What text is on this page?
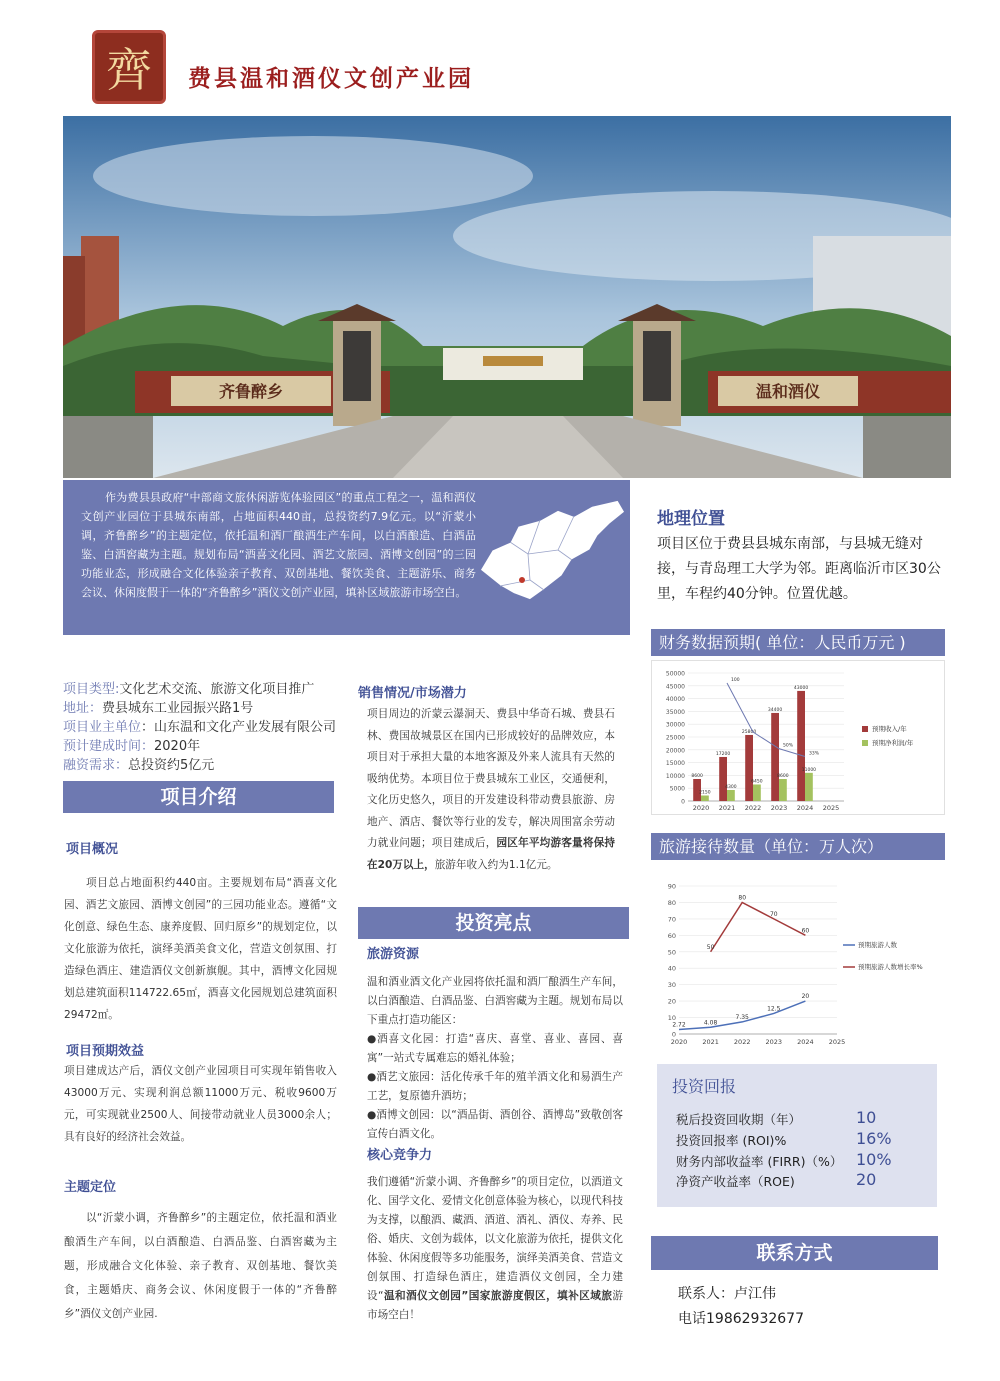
齊 费县温和酒仪文创产业园
齐鲁醉乡	温和酒仪

作为费县县政府“中部商文旅休闲游览体验园区”的重点工程之一，温和酒仪文创产业园位于县城东南部，占地面积440亩，总投资约7.9亿元。以“沂蒙小调，齐鲁醉乡”的主题定位，依托温和酒厂酿酒生产车间，以白酒酿造、白酒品鉴、白酒窖藏为主题。规划布局“酒喜文化园、酒艺文旅园、酒博文创园”的三园功能业态，形成融合文化体验亲子教育、双创基地、餐饮美食、主题游乐、商务会议、休闲度假于一体的“齐鲁醉乡”酒仪文创产业园，填补区域旅游市场空白。

地理位置
项目区位于费县县城东南部，与县城无缝对接，与青岛理工大学为邻。距离临沂市区30公里，车程约40分钟。位置优越。
财务数据预期( 单位：人民币万元 )
0
5000
10000
15000
20000
25000
30000
35000
40000
45000
50000
2020 2021 2022 2023 2024 2025
8600
17200
25800
34400
43000
2150
4300
6450
8600
11000
100
50%
33%
预期收入/年
预期净利润/年
旅游接待数量（单位：万人次）
0
10
20
30
40
50
60
70
80
90
2020 2021 2022 2023 2024 2025
2.72	4.08
7.35
12.5
20
预期旅游人数
50
80
70
60
预期旅游人数增长率%
项目类型:文化艺术交流、旅游文化项目推广
地址：费县城东工业园振兴路1号
项目业主单位：山东温和文化产业发展有限公司
预计建成时间：2020年
融资需求：总投资约5亿元
项目介绍
项目概况
项目总占地面积约440亩。主要规划布局“酒喜文化园、酒艺文旅园、酒博文创园”的三园功能业态。遵循“文化创意、绿色生态、康养度假、回归原乡”的规划定位，以文化旅游为依托，演绎美酒美食文化，营造文创氛围、打造绿色酒庄、建造酒仪文创新旗舰。其中，酒博文化园规划总建筑面积114722.65㎡，酒喜文化园规划总建筑面积29472㎡。
项目预期效益
项目建成达产后，酒仪文创产业园项目可实现年销售收入43000万元、实现利润总额11000万元、税收9600万元，可实现就业2500人、间接带动就业人员3000余人；具有良好的经济社会效益。
主题定位
以“沂蒙小调，齐鲁醉乡”的主题定位，依托温和酒业酿酒生产车间，以白酒酿造、白酒品鉴、白酒窖藏为主题，形成融合文化体验、亲子教育、双创基地、餐饮美食，主题婚庆、商务会议、休闲度假于一体的“齐鲁醉乡”酒仪文创产业园.
销售情况/市场潜力
项目周边的沂蒙云瀑洞天、费县中华奇石城、费县石林、费国故城景区在国内已形成较好的品牌效应，本项目对于承担大量的本地客源及外来人流具有天然的吸纳优势。本项目位于费县城东工业区，交通便利，文化历史悠久，项目的开发建设科带动费县旅游、房地产、酒店、餐饮等行业的发专，解决周围富余劳动力就业问题；项目建成后，园区年平均游客量将保持在20万以上，旅游年收入约为1.1亿元。
投资亮点
旅游资源
温和酒业酒文化产业园将依托温和酒厂酿酒生产车间，以白酒酿造、白酒品鉴、白酒窖藏为主题。规划布局以下重点打造功能区：
●酒喜文化园：打造“喜庆、喜堂、喜业、喜园、喜寓”一站式专属难忘的婚礼体验；
●酒艺文旅园：活化传承千年的殖羊酒文化和易酒生产工艺，复原德升酒坊；
●酒博文创园：以“酒品街、酒创谷、酒博岛”致敬创客宣传白酒文化。
核心竞争力
我们遵循“沂蒙小调、齐鲁醉乡”的项目定位，以酒道文化、国学文化、爱情文化创意体验为核心，以现代科技为支撑，以酿酒、藏酒、酒道、酒礼、酒仪、寿养、民俗、婚庆、文创为载体，以文化旅游为依托，提供文化体验、休闲度假等多功能服务，演绎美酒美食、营造文创氛围、打造绿色酒庄，建造酒仪文创园，全力建设“温和酒仪文创园”国家旅游度假区，填补区域旅游市场空白！
投资回报
税后投资回收期（年）	10
投资回报率 (ROI)%	16%
财务内部收益率 (FIRR)（%） 10%
净资产收益率（ROE)	20
联系方式
联系人：卢江伟
电话19862932677
